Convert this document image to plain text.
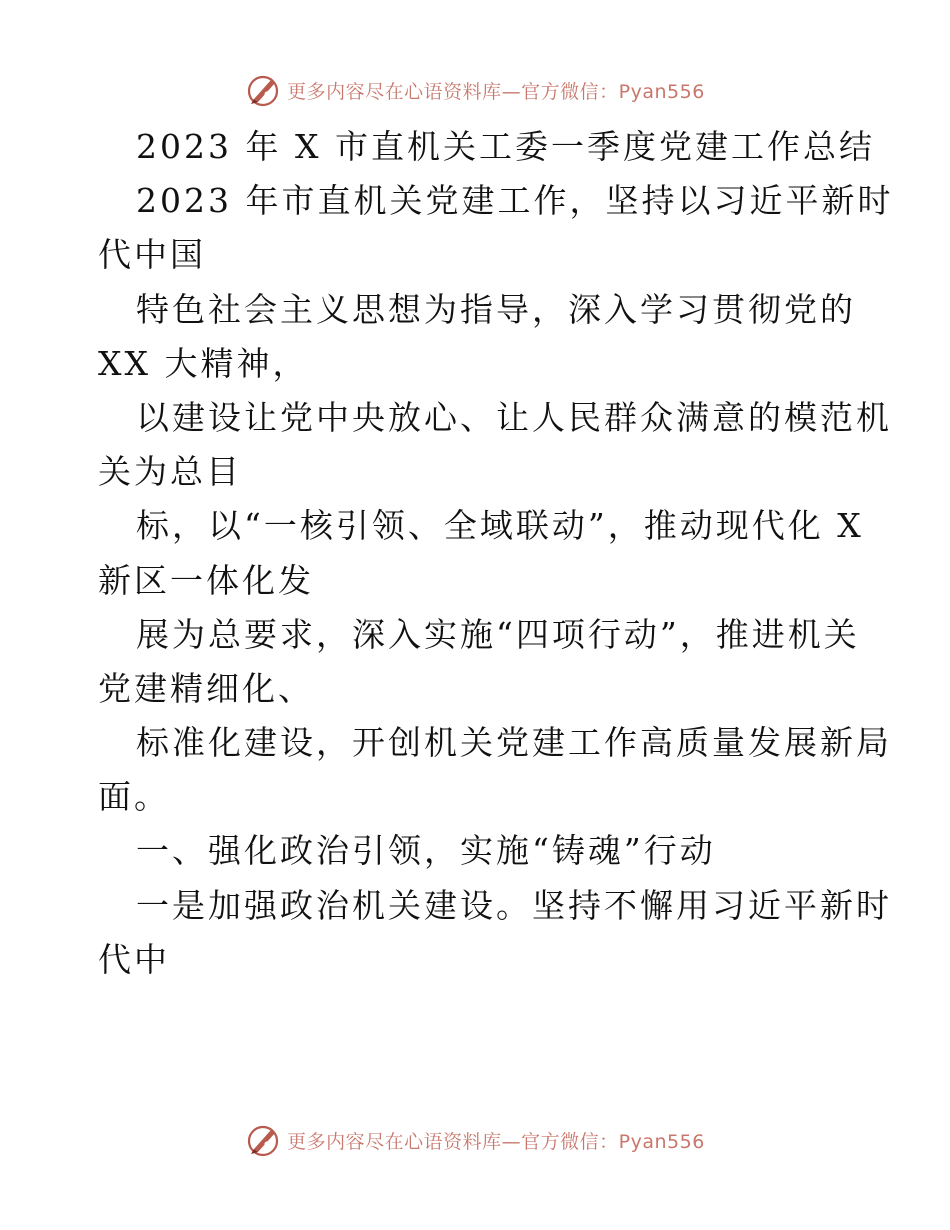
更多内容尽在心语资料库—官方微信：Pyan556
2023 年 X 市直机关工委一季度党建工作总结
2023 年市直机关党建工作，坚持以习近平新时
代中国
特色社会主义思想为指导，深入学习贯彻党的
XX 大精神，
以建设让党中央放心、让人民群众满意的模范机
关为总目
标，以“一核引领、全域联动”，推动现代化 X
新区一体化发
展为总要求，深入实施“四项行动”，推进机关
党建精细化、
标准化建设，开创机关党建工作高质量发展新局
面。
一、强化政治引领，实施“铸魂”行动
一是加强政治机关建设。坚持不懈用习近平新时
代中
更多内容尽在心语资料库—官方微信：Pyan556
